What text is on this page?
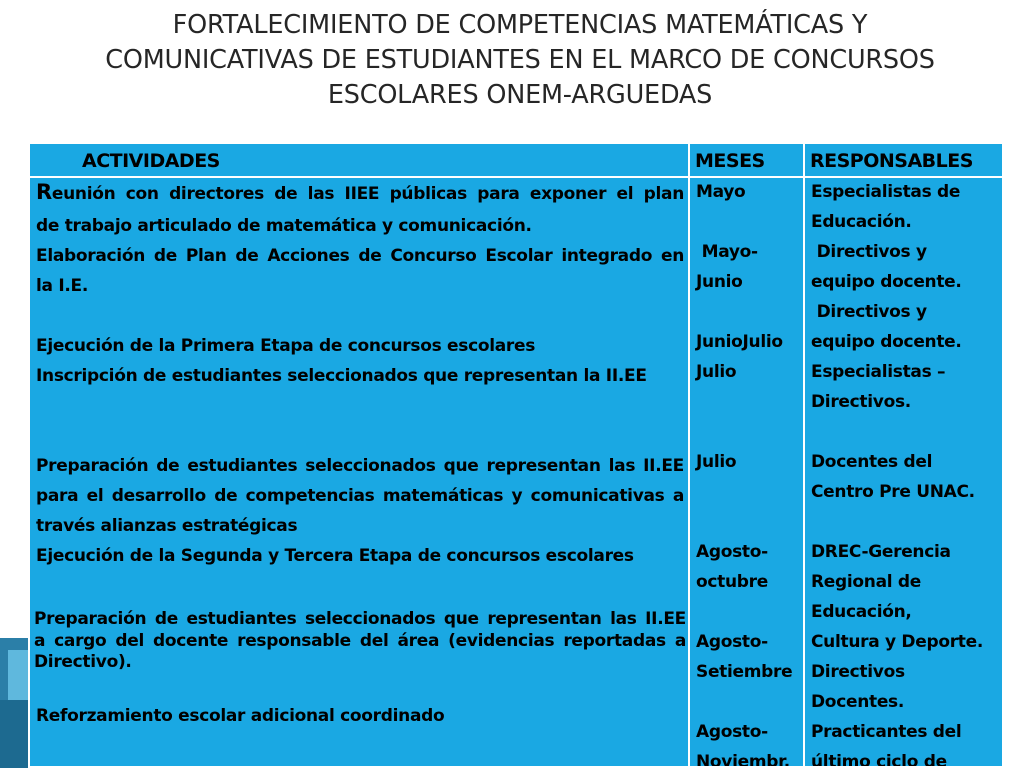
FORTALECIMIENTO DE COMPETENCIAS MATEMÁTICAS Y
COMUNICATIVAS DE ESTUDIANTES EN EL MARCO DE CONCURSOS
ESCOLARES ONEM-ARGUEDAS
ACTIVIDADES	MESES RESPONSABLES
Reunión con directores de las IIEE públicas para exponer el plan
de trabajo articulado de matemática y comunicación.
Elaboración de Plan de Acciones de Concurso Escolar integrado en
la I.E.
Ejecución de la Primera Etapa de concursos escolares
Inscripción de estudiantes seleccionados que representan la II.EE
Preparación de estudiantes seleccionados que representan las II.EE
para el desarrollo de competencias matemáticas y comunicativas a
través alianzas estratégicas
Ejecución de la Segunda y Tercera Etapa de concursos escolares
Preparación de estudiantes seleccionados que representan las II.EE
a cargo del docente responsable del área (evidencias reportadas a
Directivo).
Reforzamiento escolar adicional coordinado
Mayo
Mayo-
Junio
JunioJulio
Julio
Julio
Agosto-
octubre
Agosto-
Setiembre
Agosto-
Noviembr.
Especialistas de
Educación.
Directivos y
equipo docente.
Directivos y
equipo docente.
Especialistas –
Directivos.
Docentes del
Centro Pre UNAC.
DREC-Gerencia
Regional de
Educación,
Cultura y Deporte.
Directivos
Docentes.
Practicantes del
último ciclo de
